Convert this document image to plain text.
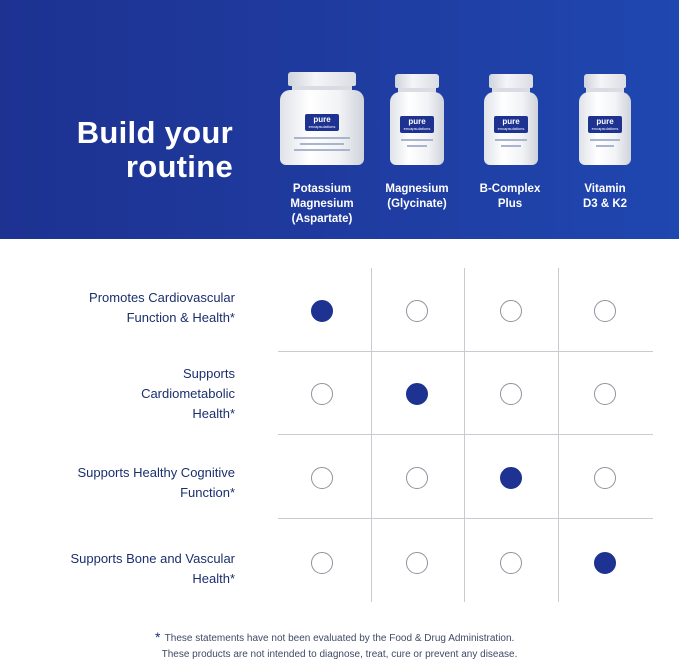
Build your
routine
pure
encapsulations
Potassium
Magnesium
(Aspartate)
pure
encapsulations
Magnesium
(Glycinate)
pure
encapsulations
B-Complex
Plus
pure
encapsulations
Vitamin
D3 & K2

Promotes Cardiovascular
Function & Health*

Supports
Cardiometabolic
Health*

Supports Healthy Cognitive
Function*

Supports Bone and Vascular
Health*

* These statements have not been evaluated by the Food & Drug Administration.
These products are not intended to diagnose, treat, cure or prevent any disease.
